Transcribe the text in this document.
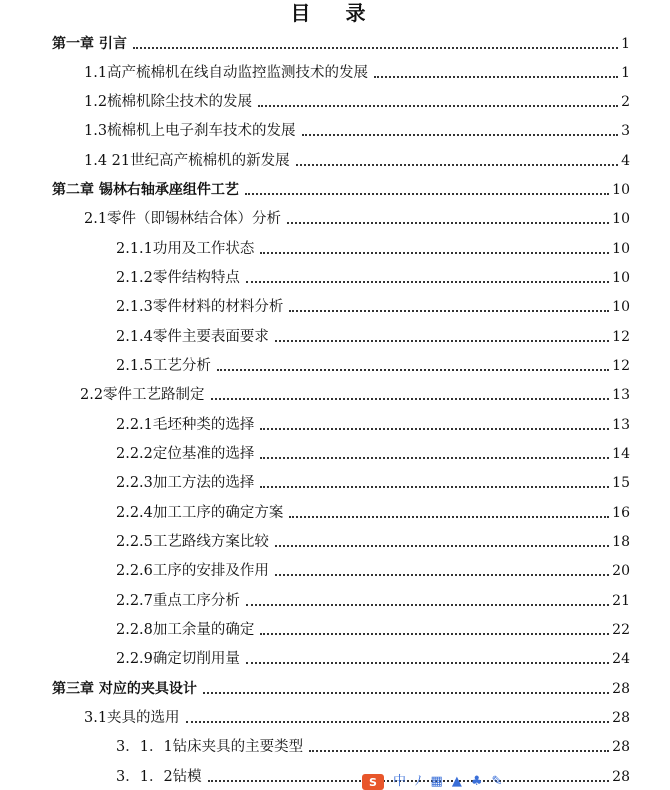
目 录
第一章 引言	1
1.1高产梳棉机在线自动监控监测技术的发展	1
1.2梳棉机除尘技术的发展	2
1.3梳棉机上电子刹车技术的发展	3
1.4 21世纪高产梳棉机的新发展	4
第二章 锡林右轴承座组件工艺	10
2.1零件（即锡林结合体）分析	10
2.1.1功用及工作状态	10
2.1.2零件结构特点	10
2.1.3零件材料的材料分析	10
2.1.4零件主要表面要求	12
2.1.5工艺分析	12
2.2零件工艺路制定	13
2.2.1毛坯种类的选择	13
2.2.2定位基准的选择	14
2.2.3加工方法的选择	15
2.2.4加工工序的确定方案	16
2.2.5工艺路线方案比较	18
2.2.6工序的安排及作用	20
2.2.7重点工序分析	21
2.2.8加工余量的确定	22
2.2.9确定切削用量	24
第三章 对应的夹具设计	28
3.1夹具的选用	28
3．1．1钻床夹具的主要类型	28
3．1．2钻模	28
S	中 ﾉ ▦ ▲ ♣ ✎
